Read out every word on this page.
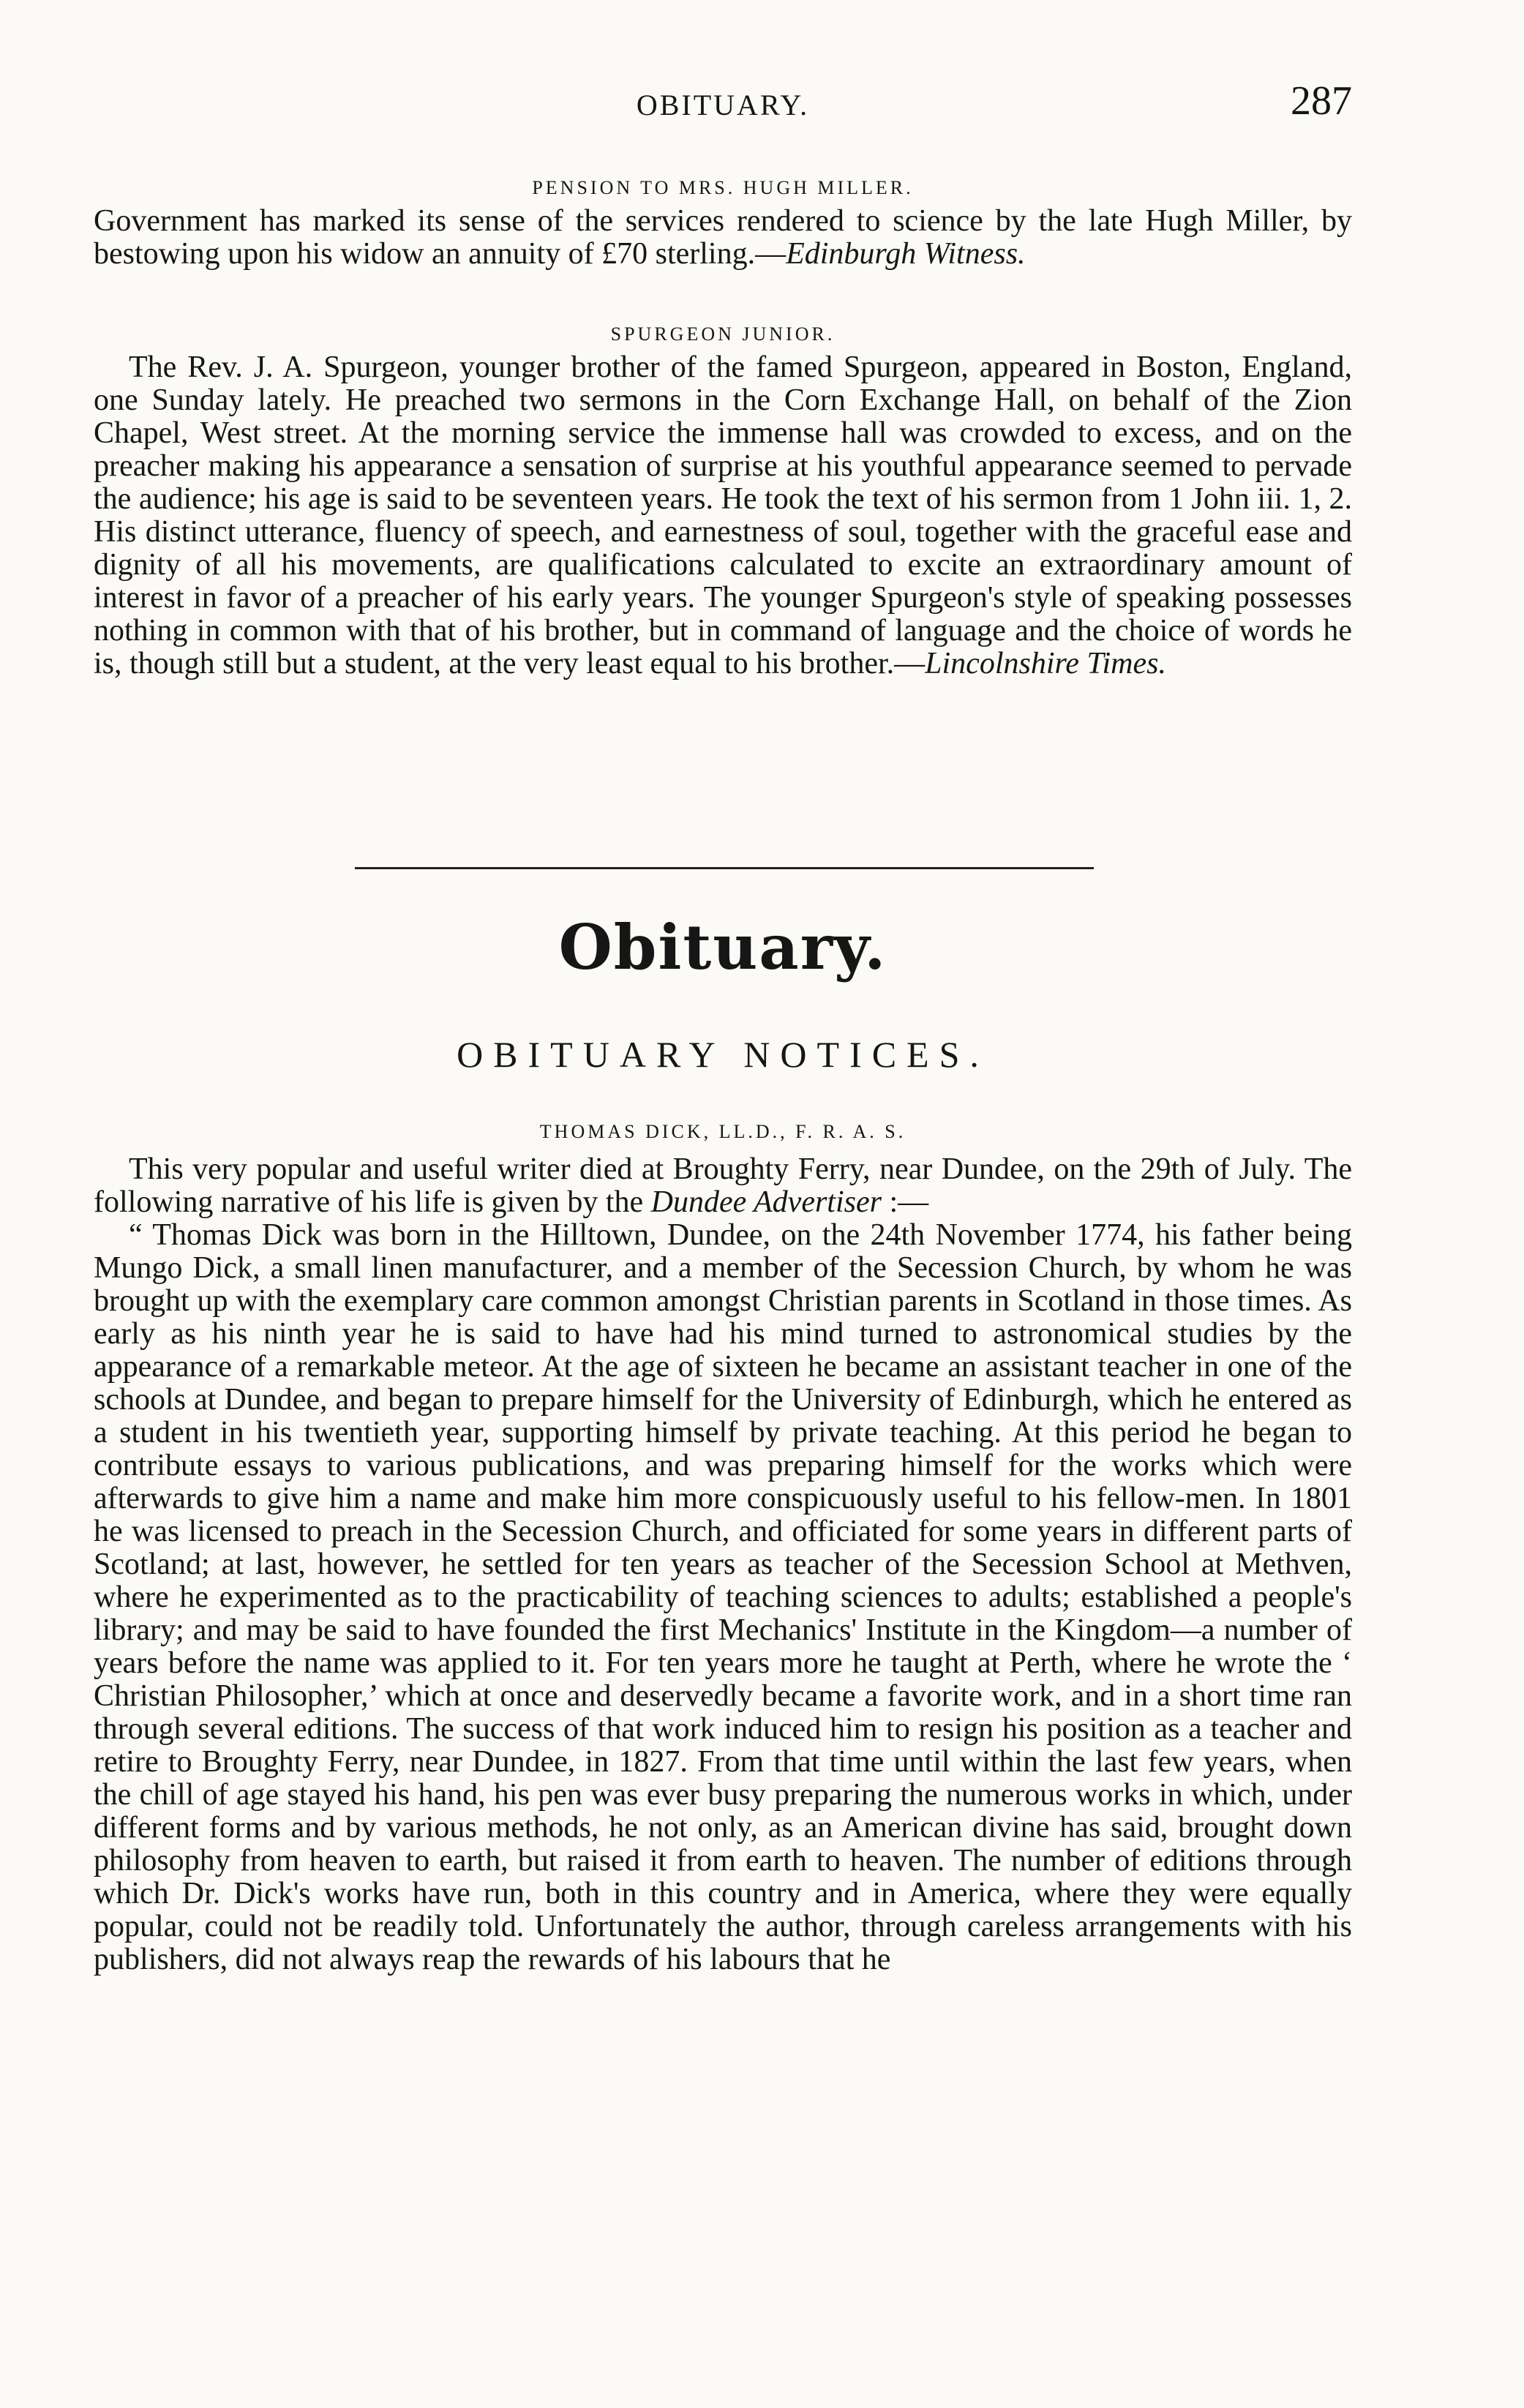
OBITUARY.	287
PENSION TO MRS. HUGH MILLER.

Government has marked its sense of the services rendered to science by the late Hugh Miller, by bestowing upon his widow an annuity of £70 sterling.—Edinburgh Witness.

SPURGEON JUNIOR.

The Rev. J. A. Spurgeon, younger brother of the famed Spurgeon, appeared in Boston, England, one Sunday lately. He preached two sermons in the Corn Exchange Hall, on behalf of the Zion Chapel, West street. At the morning service the immense hall was crowded to excess, and on the preacher making his appearance a sensation of surprise at his youthful appearance seemed to pervade the audience; his age is said to be seventeen years. He took the text of his sermon from 1 John iii. 1, 2. His distinct utterance, fluency of speech, and earnestness of soul, together with the graceful ease and dignity of all his movements, are qualifications calculated to excite an extraordinary amount of interest in favor of a preacher of his early years. The younger Spurgeon's style of speaking possesses nothing in common with that of his brother, but in command of language and the choice of words he is, though still but a student, at the very least equal to his brother.—Lincolnshire Times.

Obituary.
OBITUARY NOTICES.
THOMAS DICK, LL.D., F. R. A. S.

This very popular and useful writer died at Broughty Ferry, near Dundee, on the 29th of July. The following narrative of his life is given by the Dundee Advertiser :—

“ Thomas Dick was born in the Hilltown, Dundee, on the 24th November 1774, his father being Mungo Dick, a small linen manufacturer, and a member of the Secession Church, by whom he was brought up with the exemplary care common amongst Christian parents in Scotland in those times. As early as his ninth year he is said to have had his mind turned to astronomical studies by the appearance of a remarkable meteor. At the age of sixteen he became an assistant teacher in one of the schools at Dundee, and began to prepare himself for the University of Edinburgh, which he entered as a student in his twentieth year, supporting himself by private teaching. At this period he began to contribute essays to various publications, and was preparing himself for the works which were afterwards to give him a name and make him more conspicuously useful to his fellow-men. In 1801 he was licensed to preach in the Secession Church, and officiated for some years in different parts of Scotland; at last, however, he settled for ten years as teacher of the Secession School at Methven, where he experimented as to the practicability of teaching sciences to adults; established a people's library; and may be said to have founded the first Mechanics' Institute in the Kingdom—a number of years before the name was applied to it. For ten years more he taught at Perth, where he wrote the ‘ Christian Philosopher,’ which at once and deservedly became a favorite work, and in a short time ran through several editions. The success of that work induced him to resign his position as a teacher and retire to Broughty Ferry, near Dundee, in 1827. From that time until within the last few years, when the chill of age stayed his hand, his pen was ever busy preparing the numerous works in which, under different forms and by various methods, he not only, as an American divine has said, brought down philosophy from heaven to earth, but raised it from earth to heaven. The number of editions through which Dr. Dick's works have run, both in this country and in America, where they were equally popular, could not be readily told. Unfortunately the author, through careless arrangements with his publishers, did not always reap the rewards of his labours that he
